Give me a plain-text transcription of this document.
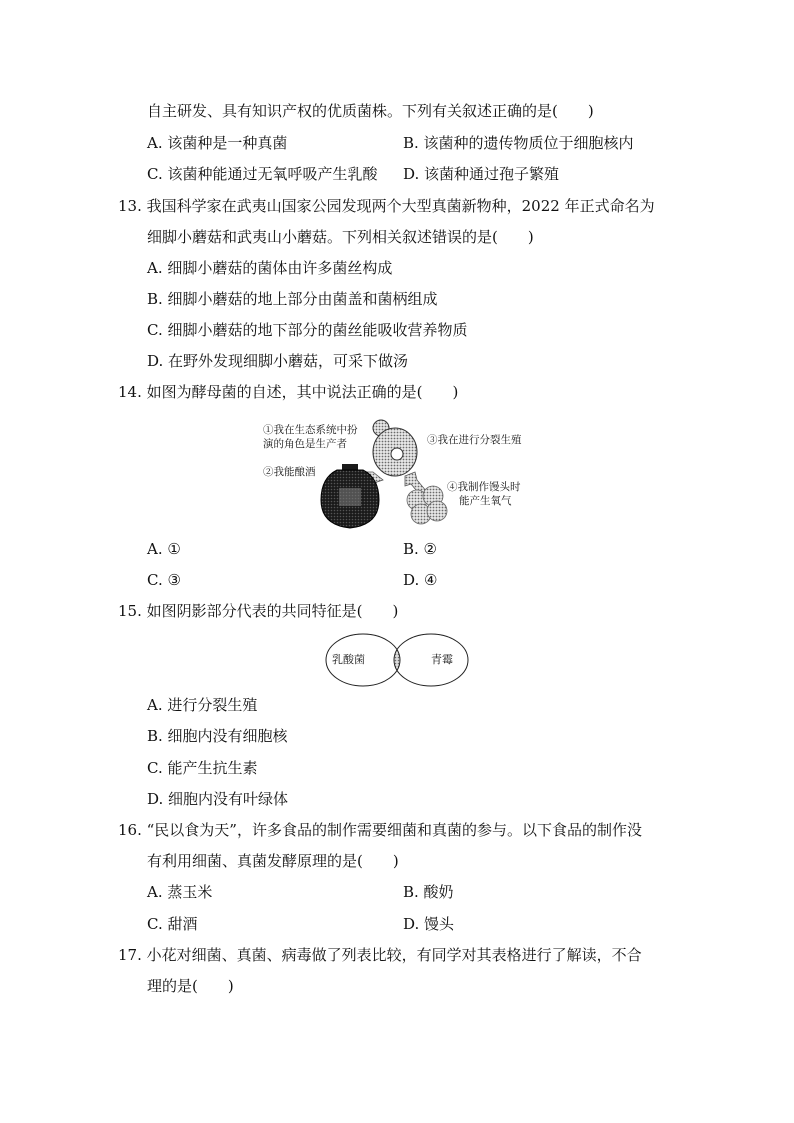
自主研发、具有知识产权的优质菌株。下列有关叙述正确的是(　　)
A. 该菌种是一种真菌	B. 该菌种的遗传物质位于细胞核内
C. 该菌种能通过无氧呼吸产生乳酸 D. 该菌种通过孢子繁殖
13. 我国科学家在武夷山国家公园发现两个大型真菌新物种，2022 年正式命名为
细脚小蘑菇和武夷山小蘑菇。下列相关叙述错误的是(　　)
A. 细脚小蘑菇的菌体由许多菌丝构成
B. 细脚小蘑菇的地上部分由菌盖和菌柄组成
C. 细脚小蘑菇的地下部分的菌丝能吸收营养物质
D. 在野外发现细脚小蘑菇，可采下做汤
14. 如图为酵母菌的自述，其中说法正确的是(　　)
①我在生态系统中扮
演的角色是生产者
②我能酿酒
③我在进行分裂生殖
④我制作馒头时
能产生氧气
A. ①	B. ②
C. ③	D. ④
15. 如图阴影部分代表的共同特征是(　　)
乳酸菌	青霉
A. 进行分裂生殖
B. 细胞内没有细胞核
C. 能产生抗生素
D. 细胞内没有叶绿体
16. “民以食为天”，许多食品的制作需要细菌和真菌的参与。以下食品的制作没
有利用细菌、真菌发酵原理的是(　　)
A. 蒸玉米	B. 酸奶
C. 甜酒	D. 馒头
17. 小花对细菌、真菌、病毒做了列表比较，有同学对其表格进行了解读，不合
理的是(　　)
